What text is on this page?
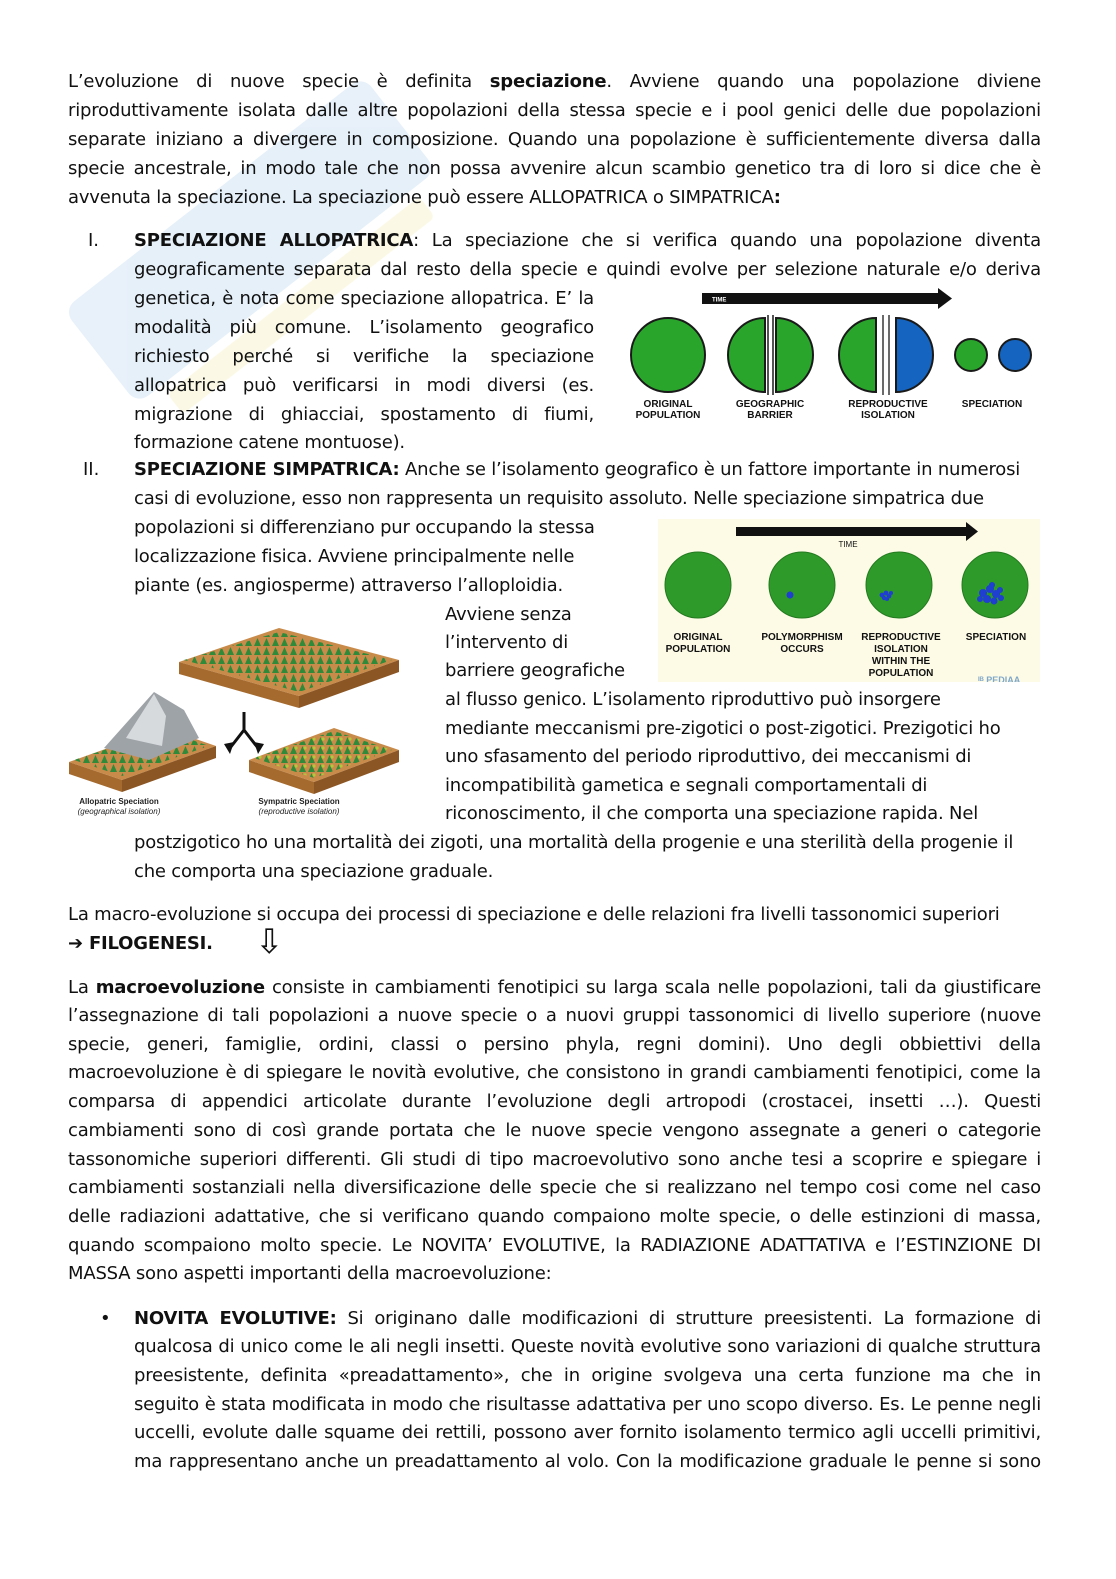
L’evoluzione di nuove specie è definita speciazione. Avviene quando una popolazione diviene

riproduttivamente isolata dalle altre popolazioni della stessa specie e i pool genici delle due popolazioni

separate iniziano a divergere in composizione. Quando una popolazione è sufficientemente diversa dalla

specie ancestrale, in modo tale che non possa avvenire alcun scambio genetico tra di loro si dice che è

avvenuta la speciazione. La speciazione può essere ALLOPATRICA o SIMPATRICA:

I. SPECIAZIONE ALLOPATRICA: La speciazione che si verifica quando una popolazione diventa

geograficamente separata dal resto della specie e quindi evolve per selezione naturale e/o deriva

genetica, è nota come speciazione allopatrica. E’ la

modalità più comune. L’isolamento geografico

richiesto perché si verifiche la speciazione

allopatrica può verificarsi in modi diversi (es.

migrazione di ghiacciai, spostamento di fiumi,

formazione catene montuose).

TIME
ORIGINAL
POPULATION
GEOGRAPHIC
BARRIER
REPRODUCTIVE
ISOLATION
SPECIATION
II. SPECIAZIONE SIMPATRICA: Anche se l’isolamento geografico è un fattore importante in numerosi

casi di evoluzione, esso non rappresenta un requisito assoluto. Nelle speciazione simpatrica due

popolazioni si differenziano pur occupando la stessa

localizzazione fisica. Avviene principalmente nelle

piante (es. angiosperme) attraverso l’alloploidia.

Avviene senza

l’intervento di

barriere geografiche

al flusso genico. L’isolamento riproduttivo può insorgere

mediante meccanismi pre-zigotici o post-zigotici. Prezigotici ho

uno sfasamento del periodo riproduttivo, dei meccanismi di

incompatibilità gametica e segnali comportamentali di

riconoscimento, il che comporta una speciazione rapida. Nel

postzigotico ho una mortalità dei zigoti, una mortalità della progenie e una sterilità della progenie il

che comporta una speciazione graduale.

TIME
ORIGINAL
POPULATION
POLYMORPHISM
OCCURS
REPRODUCTIVE
ISOLATION
WITHIN THE
POPULATION
SPECIATION
ᴵᴮ PEDIAA
Allopatric Speciation
(geographical isolation)
Sympatric Speciation
(reproductive isolation)

La macro-evoluzione si occupa dei processi di speciazione e delle relazioni fra livelli tassonomici superiori

➔ FILOGENESI. ⇩

La macroevoluzione consiste in cambiamenti fenotipici su larga scala nelle popolazioni, tali da giustificare

l’assegnazione di tali popolazioni a nuove specie o a nuovi gruppi tassonomici di livello superiore (nuove

specie, generi, famiglie, ordini, classi o persino phyla, regni domini). Uno degli obbiettivi della

macroevoluzione è di spiegare le novità evolutive, che consistono in grandi cambiamenti fenotipici, come la

comparsa di appendici articolate durante l’evoluzione degli artropodi (crostacei, insetti …). Questi

cambiamenti sono di così grande portata che le nuove specie vengono assegnate a generi o categorie

tassonomiche superiori differenti. Gli studi di tipo macroevolutivo sono anche tesi a scoprire e spiegare i

cambiamenti sostanziali nella diversificazione delle specie che si realizzano nel tempo cosi come nel caso

delle radiazioni adattative, che si verificano quando compaiono molte specie, o delle estinzioni di massa,

quando scompaiono molto specie. Le NOVITA’ EVOLUTIVE, la RADIAZIONE ADATTATIVA e l’ESTINZIONE DI

MASSA sono aspetti importanti della macroevoluzione:

• NOVITA EVOLUTIVE: Si originano dalle modificazioni di strutture preesistenti. La formazione di

qualcosa di unico come le ali negli insetti. Queste novità evolutive sono variazioni di qualche struttura

preesistente, definita «preadattamento», che in origine svolgeva una certa funzione ma che in

seguito è stata modificata in modo che risultasse adattativa per uno scopo diverso. Es. Le penne negli

uccelli, evolute dalle squame dei rettili, possono aver fornito isolamento termico agli uccelli primitivi,

ma rappresentano anche un preadattamento al volo. Con la modificazione graduale le penne si sono
